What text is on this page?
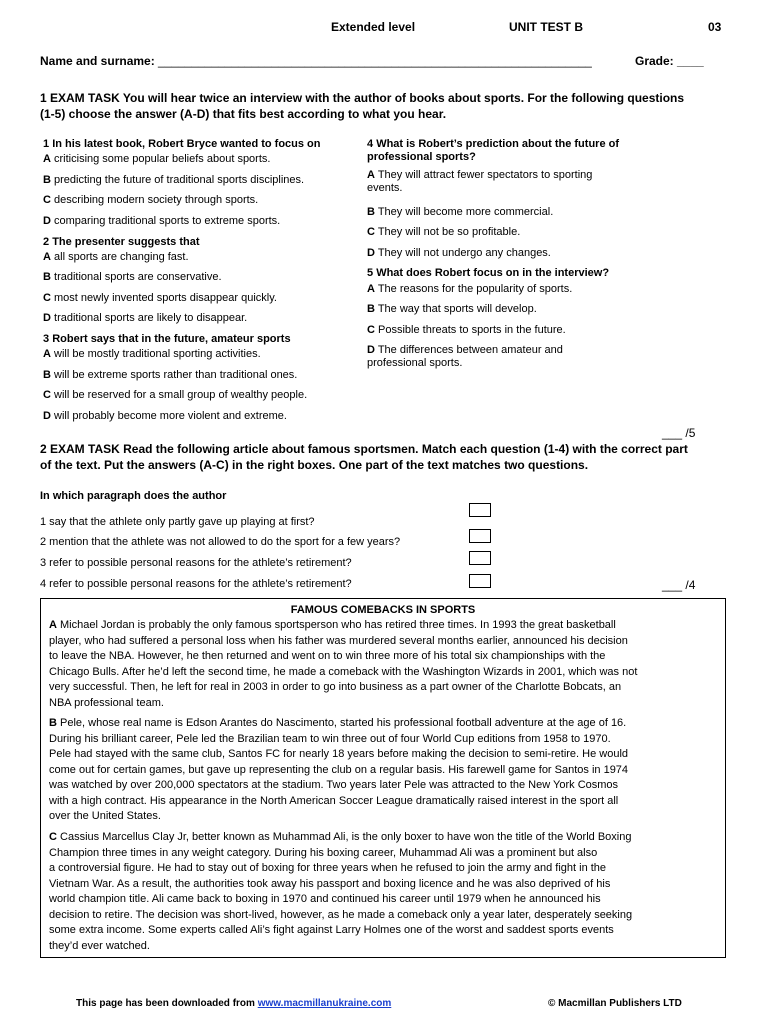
Extended level	UNIT TEST B	03
Name and surname: _________________________________________________________________	Grade: ____
1 EXAM TASK You will hear twice an interview with the author of books about sports. For the following questions
(1-5) choose the answer (A-D) that fits best according to what you hear.
1 In his latest book, Robert Bryce wanted to focus on
A criticising some popular beliefs about sports.
B predicting the future of traditional sports disciplines.
C describing modern society through sports.
D comparing traditional sports to extreme sports.
2 The presenter suggests that
A all sports are changing fast.
B traditional sports are conservative.
C most newly invented sports disappear quickly.
D traditional sports are likely to disappear.
3 Robert says that in the future, amateur sports
A will be mostly traditional sporting activities.
B will be extreme sports rather than traditional ones.
C will be reserved for a small group of wealthy people.
D will probably become more violent and extreme.
4 What is Robert’s prediction about the future of
professional sports?
A They will attract fewer spectators to sporting
events.
B They will become more commercial.
C They will not be so profitable.
D They will not undergo any changes.
5 What does Robert focus on in the interview?
A The reasons for the popularity of sports.
B The way that sports will develop.
C Possible threats to sports in the future.
D The differences between amateur and
professional sports.
___ /5
2 EXAM TASK Read the following article about famous sportsmen. Match each question (1-4) with the correct part
of the text. Put the answers (A-C) in the right boxes. One part of the text matches two questions.
In which paragraph does the author
1 say that the athlete only partly gave up playing at first?
2 mention that the athlete was not allowed to do the sport for a few years?
3 refer to possible personal reasons for the athlete’s retirement?
4 refer to possible personal reasons for the athlete’s retirement?	___ /4
FAMOUS COMEBACKS IN SPORTS
A Michael Jordan is probably the only famous sportsperson who has retired three times. In 1993 the great basketball
player, who had suffered a personal loss when his father was murdered several months earlier, announced his decision
to leave the NBA. However, he then returned and went on to win three more of his total six championships with the
Chicago Bulls. After he’d left the second time, he made a comeback with the Washington Wizards in 2001, which was not
very successful. Then, he left for real in 2003 in order to go into business as a part owner of the Charlotte Bobcats, an
NBA professional team.
B Pele, whose real name is Edson Arantes do Nascimento, started his professional football adventure at the age of 16.
During his brilliant career, Pele led the Brazilian team to win three out of four World Cup editions from 1958 to 1970.
Pele had stayed with the same club, Santos FC for nearly 18 years before making the decision to semi-retire. He would
come out for certain games, but gave up representing the club on a regular basis. His farewell game for Santos in 1974
was watched by over 200,000 spectators at the stadium. Two years later Pele was attracted to the New York Cosmos
with a high contract. His appearance in the North American Soccer League dramatically raised interest in the sport all
over the United States.
C Cassius Marcellus Clay Jr, better known as Muhammad Ali, is the only boxer to have won the title of the World Boxing
Champion three times in any weight category. During his boxing career, Muhammad Ali was a prominent but also
a controversial figure. He had to stay out of boxing for three years when he refused to join the army and fight in the
Vietnam War. As a result, the authorities took away his passport and boxing licence and he was also deprived of his
world champion title. Ali came back to boxing in 1970 and continued his career until 1979 when he announced his
decision to retire. The decision was short-lived, however, as he made a comeback only a year later, desperately seeking
some extra income. Some experts called Ali’s fight against Larry Holmes one of the worst and saddest sports events
they’d ever watched.
This page has been downloaded from www.macmillanukraine.com	© Macmillan Publishers LTD
